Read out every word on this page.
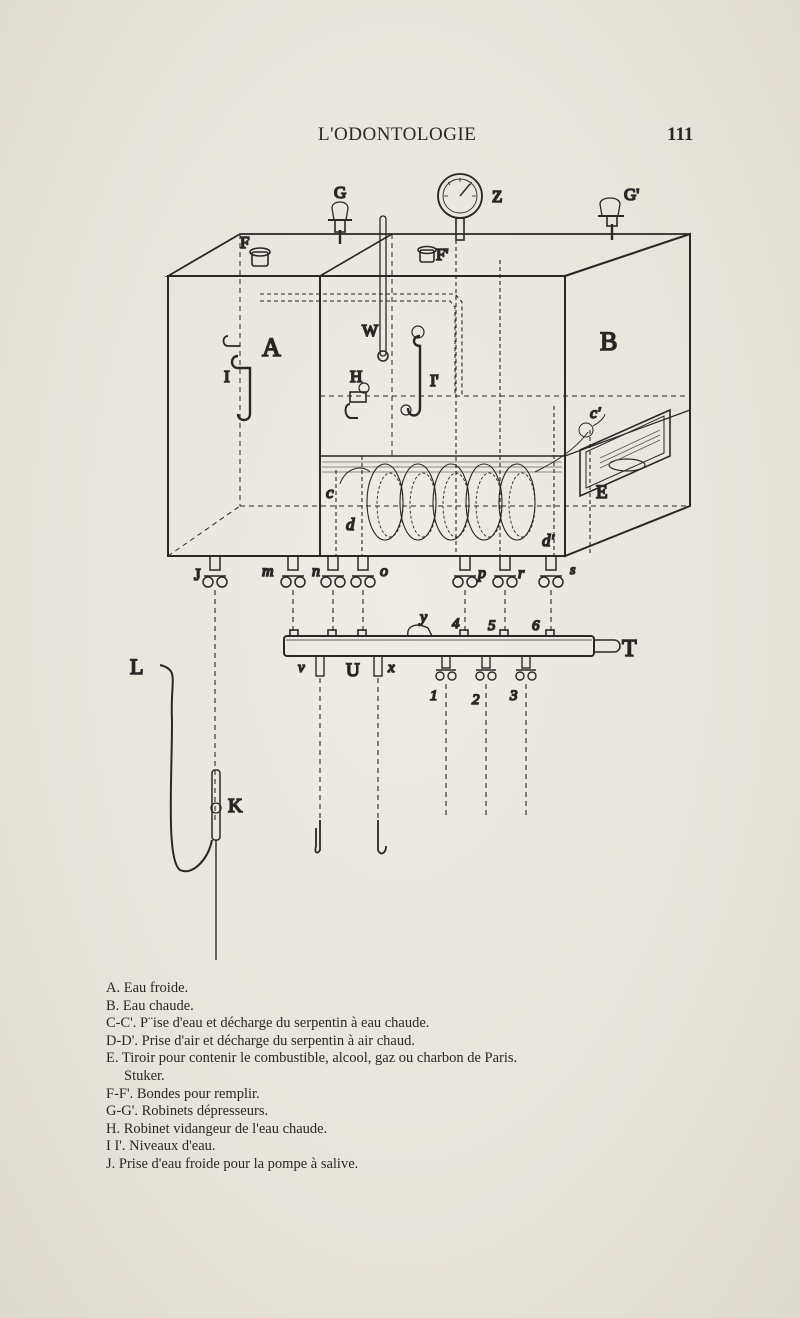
L'ODONTOLOGIE	111
G	Z	G'
F
F'
A	B
W
I	I'
H
c'
c
d
d'
E
J	m n	o	p r	s
y 4 5 6
T
L	v U x
1 2 3
K
A. Eau froide.
B. Eau chaude.
C-C'. P¨ise d'eau et décharge du serpentin à eau chaude.
D-D'. Prise d'air et décharge du serpentin à air chaud.
E. Tiroir pour contenir le combustible, alcool, gaz ou charbon de Paris.
Stuker.
F-F'. Bondes pour remplir.
G-G'. Robinets dépresseurs.
H. Robinet vidangeur de l'eau chaude.
I I'. Niveaux d'eau.
J. Prise d'eau froide pour la pompe à salive.
